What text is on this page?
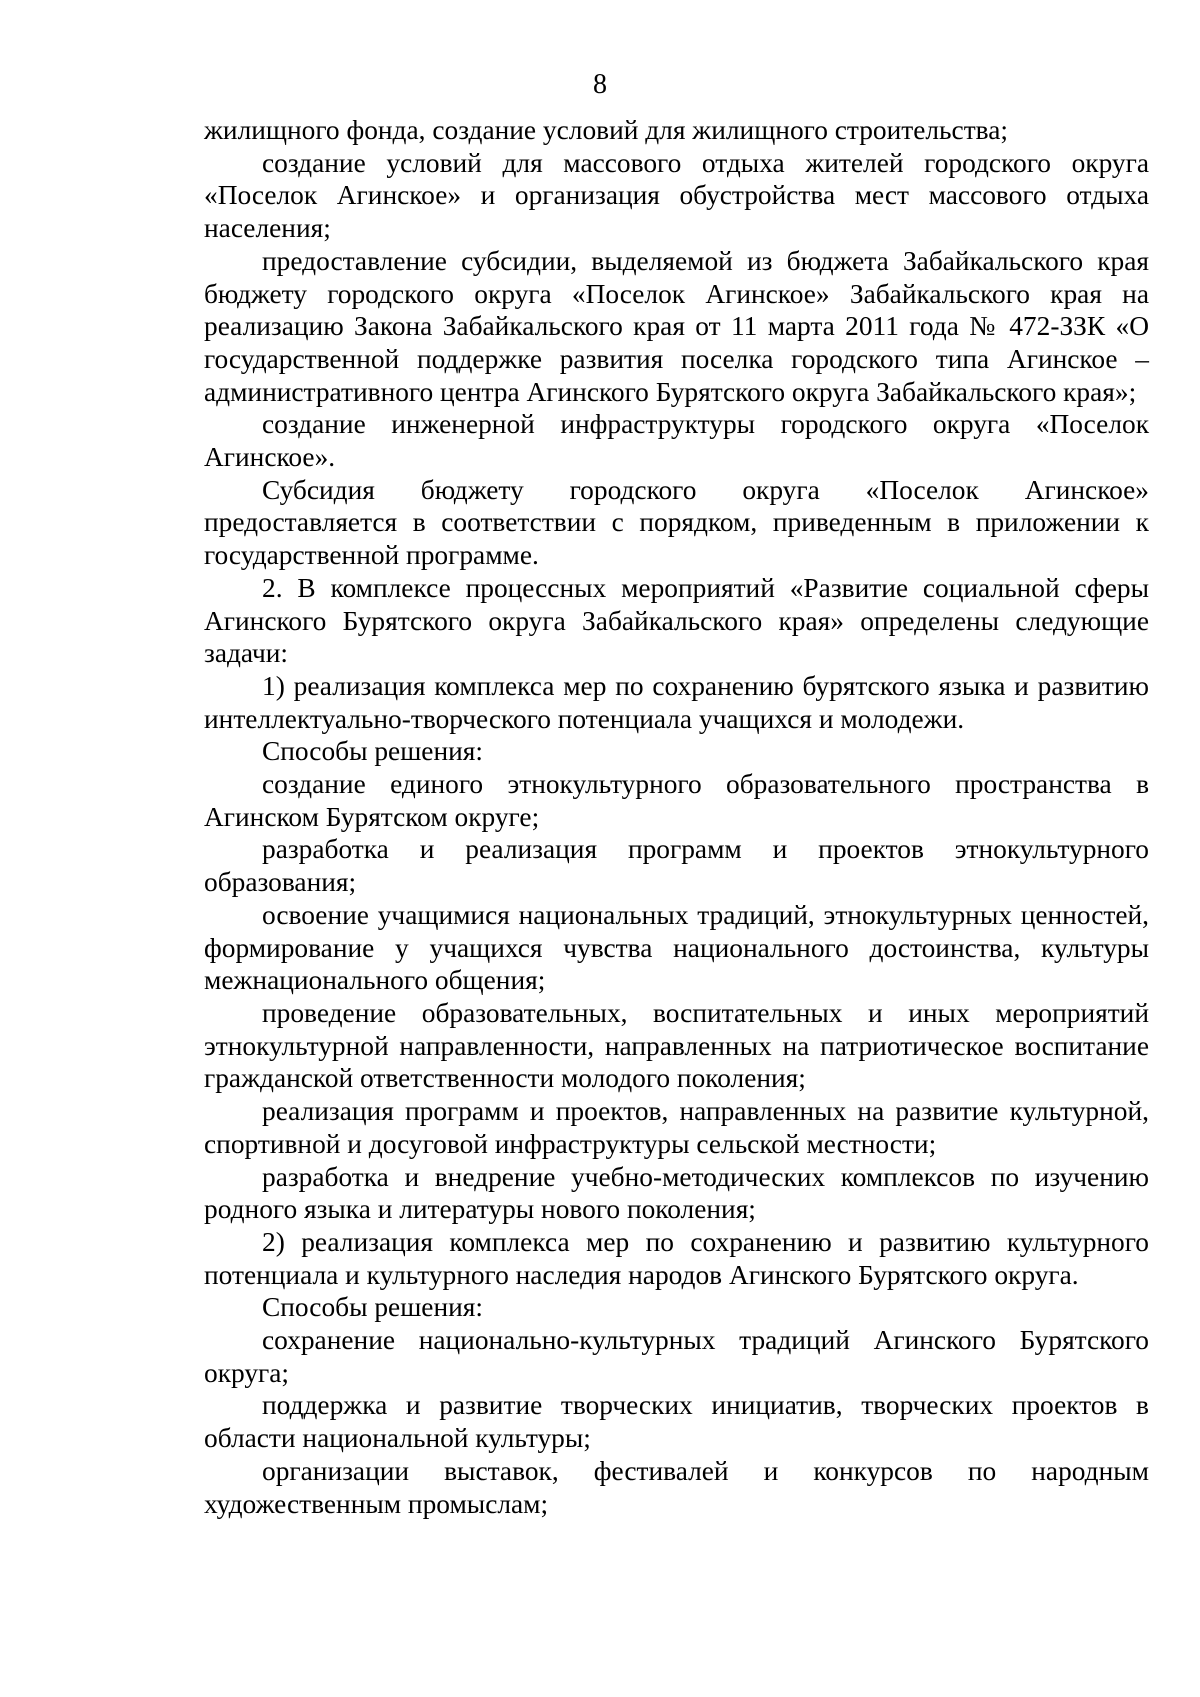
8

жилищного фонда, создание условий для жилищного строительства;

создание условий для массового отдыха жителей городского округа «Поселок Агинское» и организация обустройства мест массового отдыха населения;

предоставление субсидии, выделяемой из бюджета Забайкальского края бюджету городского округа «Поселок Агинское» Забайкальского края на реализацию Закона Забайкальского края от 11 марта 2011 года № 472-ЗЗК «О государственной поддержке развития поселка городского типа Агинское – административного центра Агинского Бурятского округа Забайкальского края»;

создание инженерной инфраструктуры городского округа «Поселок Агинское».

Субсидия бюджету городского округа «Поселок Агинское» предоставляется в соответствии с порядком, приведенным в приложении к государственной программе.

2. В комплексе процессных мероприятий «Развитие социальной сферы Агинского Бурятского округа Забайкальского края» определены следующие задачи:

1) реализация комплекса мер по сохранению бурятского языка и развитию интеллектуально-творческого потенциала учащихся и молодежи.

Способы решения:

создание единого этнокультурного образовательного пространства в Агинском Бурятском округе;

разработка и реализация программ и проектов этнокультурного образования;

освоение учащимися национальных традиций, этнокультурных ценностей, формирование у учащихся чувства национального достоинства, культуры межнационального общения;

проведение образовательных, воспитательных и иных мероприятий этнокультурной направленности, направленных на патриотическое воспитание гражданской ответственности молодого поколения;

реализация программ и проектов, направленных на развитие культурной, спортивной и досуговой инфраструктуры сельской местности;

разработка и внедрение учебно-методических комплексов по изучению родного языка и литературы нового поколения;

2) реализация комплекса мер по сохранению и развитию культурного потенциала и культурного наследия народов Агинского Бурятского округа.

Способы решения:

сохранение национально-культурных традиций Агинского Бурятского округа;

поддержка и развитие творческих инициатив, творческих проектов в области национальной культуры;

организации выставок, фестивалей и конкурсов по народным художественным промыслам;
